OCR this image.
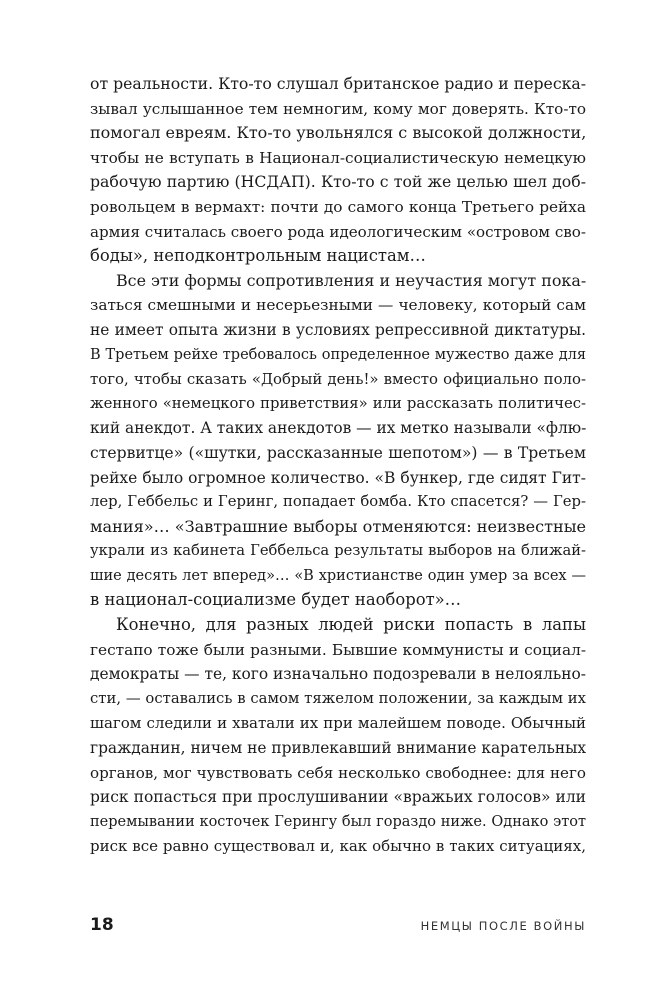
от реальности. Кто-то слушал британское радио и переска-
зывал услышанное тем немногим, кому мог доверять. Кто-то
помогал евреям. Кто-то увольнялся с высокой должности,
чтобы не вступать в Национал-социалистическую немецкую
рабочую партию (НСДАП). Кто-то с той же целью шел доб-
ровольцем в вермахт: почти до самого конца Третьего рейха
армия считалась своего рода идеологическим «островом сво-
боды», неподконтрольным нацистам…

Все эти формы сопротивления и неучастия могут пока-
заться смешными и несерьезными — человеку, который сам
не имеет опыта жизни в условиях репрессивной диктатуры.
В Третьем рейхе требовалось определенное мужество даже для
того, чтобы сказать «Добрый день!» вместо официально поло-
женного «немецкого приветствия» или рассказать политичес-
кий анекдот. А таких анекдотов — их метко называли «флю-
стервитце» («шутки, рассказанные шепотом») — в Третьем
рейхе было огромное количество. «В бункер, где сидят Гит-
лер, Геббельс и Геринг, попадает бомба. Кто спасется? — Гер-
мания»… «Завтрашние выборы отменяются: неизвестные
украли из кабинета Геббельса результаты выборов на ближай-
шие десять лет вперед»… «В христианстве один умер за всех —
в национал-социализме будет наоборот»…

Конечно, для разных людей риски попасть в лапы
гестапо тоже были разными. Бывшие коммунисты и социал-
демократы — те, кого изначально подозревали в нелояльно-
сти, — оставались в самом тяжелом положении, за каждым их
шагом следили и хватали их при малейшем поводе. Обычный
гражданин, ничем не привлекавший внимание карательных
органов, мог чувствовать себя несколько свободнее: для него
риск попасться при прослушивании «вражьих голосов» или
перемывании косточек Герингу был гораздо ниже. Однако этот
риск все равно существовал и, как обычно в таких ситуациях,

18	НЕМЦЫ ПОСЛЕ ВОЙНЫ
